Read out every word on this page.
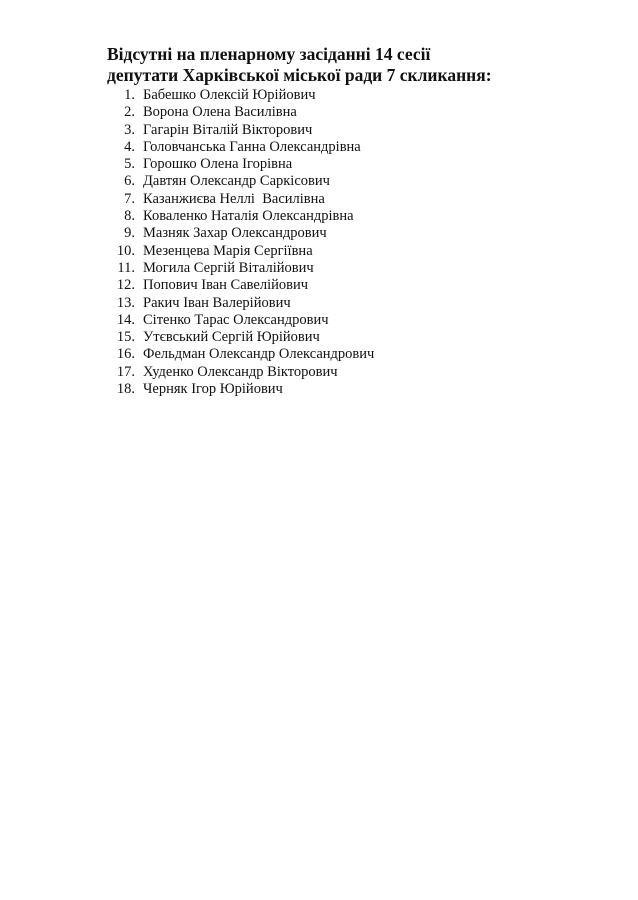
Відсутні на пленарному засіданні 14 сесії
депутати Харківської міської ради 7 скликання:
1. Бабешко Олексій Юрійович
2. Ворона Олена Василівна
3. Гагарін Віталій Вікторович
4. Головчанська Ганна Олександрівна
5. Горошко Олена Ігорівна
6. Давтян Олександр Саркісович
7. Казанжиєва Неллі  Василівна
8. Коваленко Наталія Олександрівна
9. Мазняк Захар Олександрович
10. Мезенцева Марія Сергіївна
11. Могила Сергій Віталійович
12. Попович Іван Савелійович
13. Ракич Іван Валерійович
14. Сітенко Тарас Олександрович
15. Утєвський Сергій Юрійович
16. Фельдман Олександр Олександрович
17. Худенко Олександр Вікторович
18. Черняк Ігор Юрійович
